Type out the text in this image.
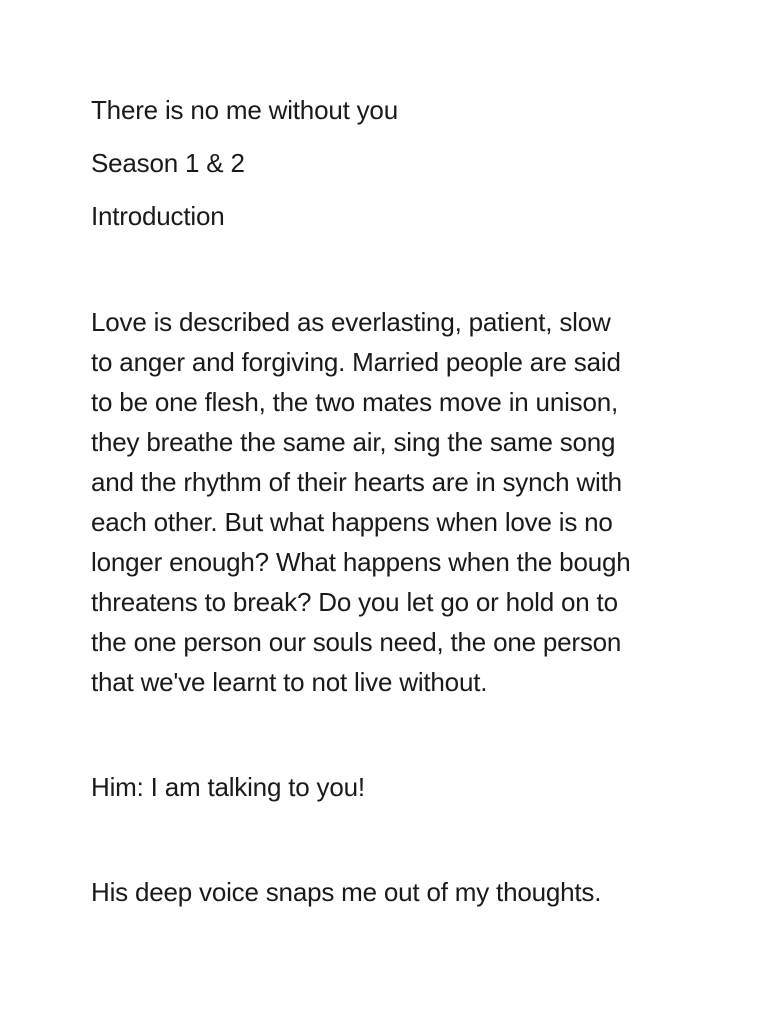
There is no me without you

Season 1 & 2

Introduction

Love is described as everlasting, patient, slow
to anger and forgiving. Married people are said
to be one flesh, the two mates move in unison,
they breathe the same air, sing the same song
and the rhythm of their hearts are in synch with
each other. But what happens when love is no
longer enough? What happens when the bough
threatens to break? Do you let go or hold on to
the one person our souls need, the one person
that we've learnt to not live without.

Him: I am talking to you!

His deep voice snaps me out of my thoughts.
